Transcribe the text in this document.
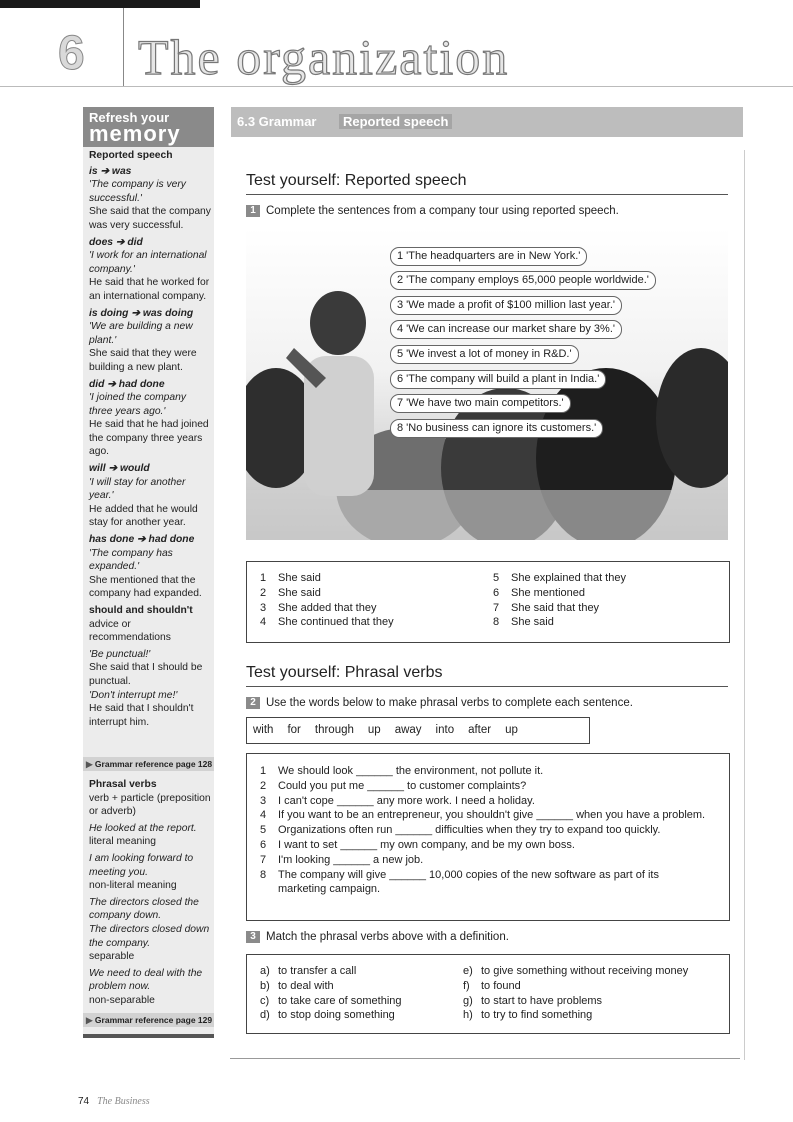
6 The organization
Refresh your
memory

Reported speech

is ➔ was

'The company is very successful.'

She said that the company was very successful.

does ➔ did

'I work for an international company.'

He said that he worked for an international company.

is doing ➔ was doing

'We are building a new plant.'

She said that they were building a new plant.

did ➔ had done

'I joined the company three years ago.'

He said that he had joined the company three years ago.

will ➔ would

'I will stay for another year.'

He added that he would stay for another year.

has done ➔ had done

'The company has expanded.'

She mentioned that the company had expanded.

should and shouldn't

advice or recommendations

'Be punctual!'

She said that I should be punctual.

'Don't interrupt me!'

He said that I shouldn't interrupt him.

▶ Grammar reference page 128

Phrasal verbs

verb + particle (preposition or adverb)

He looked at the report.

literal meaning

I am looking forward to meeting you.

non-literal meaning

The directors closed the company down.

The directors closed down the company.

separable

We need to deal with the problem now.

non-separable

▶ Grammar reference page 129
6.3 Grammar	Reported speech
Test yourself: Reported speech
1 Complete the sentences from a company tour using reported speech.
1 'The headquarters are in New York.'
2 'The company employs 65,000 people worldwide.'
3 'We made a profit of $100 million last year.'
4 'We can increase our market share by 3%.'
5 'We invest a lot of money in R&D.'
6 'The company will build a plant in India.'
7 'We have two main competitors.'
8 'No business can ignore its customers.'
1	She said
2	She said
3	She added that they
4	She continued that they
5	She explained that they
6	She mentioned
7	She said that they
8	She said
Test yourself: Phrasal verbs
2 Use the words below to make phrasal verbs to complete each sentence.
with for through up away into after up
1	We should look ______ the environment, not pollute it.
2	Could you put me ______ to customer complaints?
3	I can't cope ______ any more work. I need a holiday.
4	If you want to be an entrepreneur, you shouldn't give ______ when you have a problem.
5	Organizations often run ______ difficulties when they try to expand too quickly.
6	I want to set ______ my own company, and be my own boss.
7	I'm looking ______ a new job.
8	The company will give ______ 10,000 copies of the new software as part of its marketing campaign.
3 Match the phrasal verbs above with a definition.
a)	to transfer a call
b)	to deal with
c)	to take care of something
d)	to stop doing something
e)	to give something without receiving money
f)	to found
g)	to start to have problems
h)	to try to find something
74 The Business
